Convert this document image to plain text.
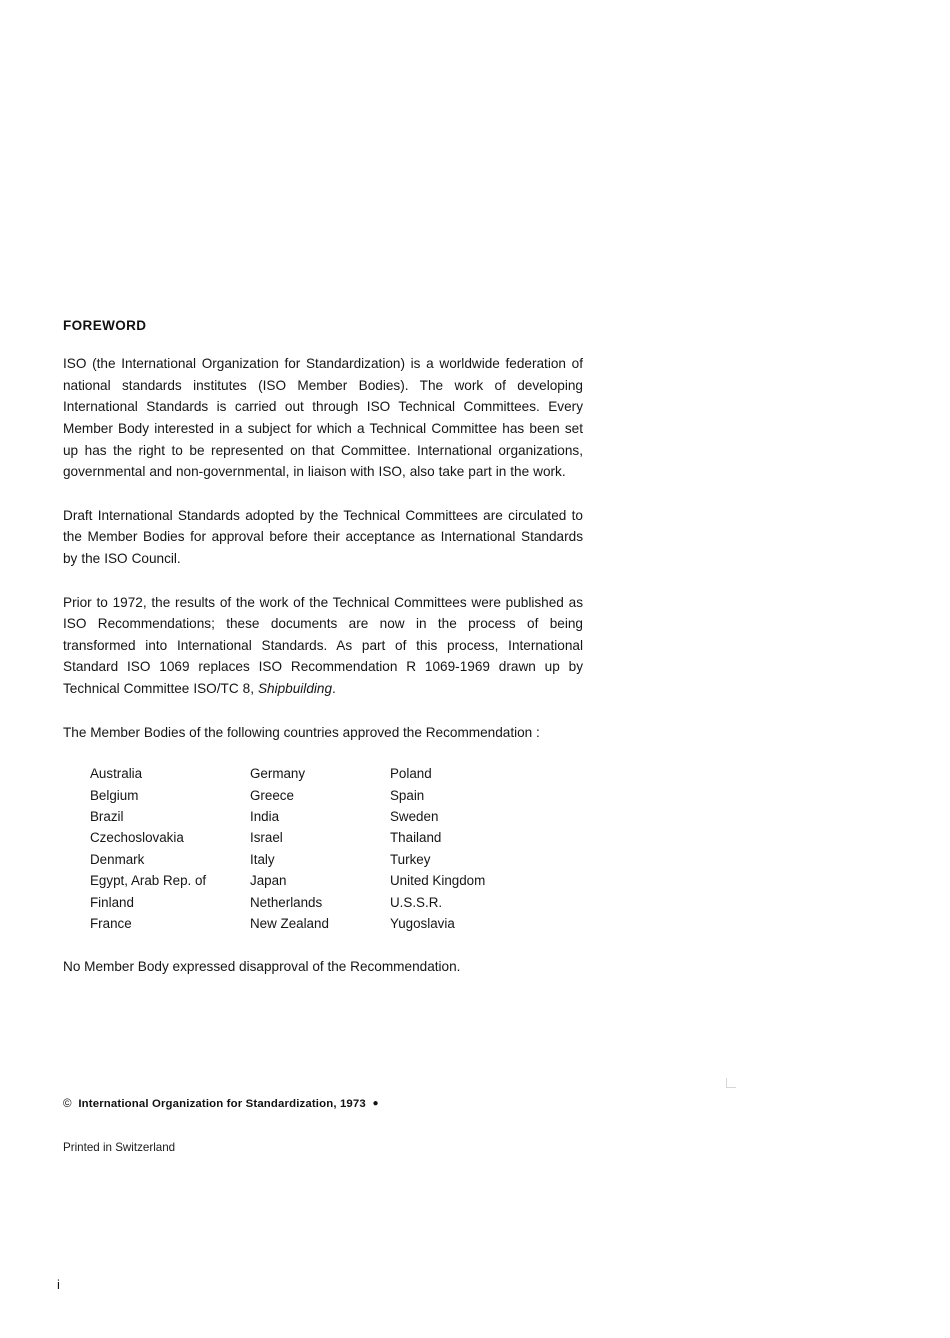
FOREWORD

ISO (the International Organization for Standardization) is a worldwide federation of national standards institutes (ISO Member Bodies). The work of developing International Standards is carried out through ISO Technical Committees. Every Member Body interested in a subject for which a Technical Committee has been set up has the right to be represented on that Committee. International organizations, governmental and non-governmental, in liaison with ISO, also take part in the work.

Draft International Standards adopted by the Technical Committees are circulated to the Member Bodies for approval before their acceptance as International Standards by the ISO Council.

Prior to 1972, the results of the work of the Technical Committees were published as ISO Recommendations; these documents are now in the process of being transformed into International Standards. As part of this process, International Standard ISO 1069 replaces ISO Recommendation R 1069-1969 drawn up by Technical Committee ISO/TC 8, Shipbuilding.

The Member Bodies of the following countries approved the Recommendation :

Australia	Germany	Poland
Belgium	Greece	Spain
Brazil	India	Sweden
Czechoslovakia	Israel	Thailand
Denmark	Italy	Turkey
Egypt, Arab Rep. of	Japan	United Kingdom
Finland	Netherlands	U.S.S.R.
France	New Zealand	Yugoslavia

No Member Body expressed disapproval of the Recommendation.

© International Organization for Standardization, 1973 ●

Printed in Switzerland

i
